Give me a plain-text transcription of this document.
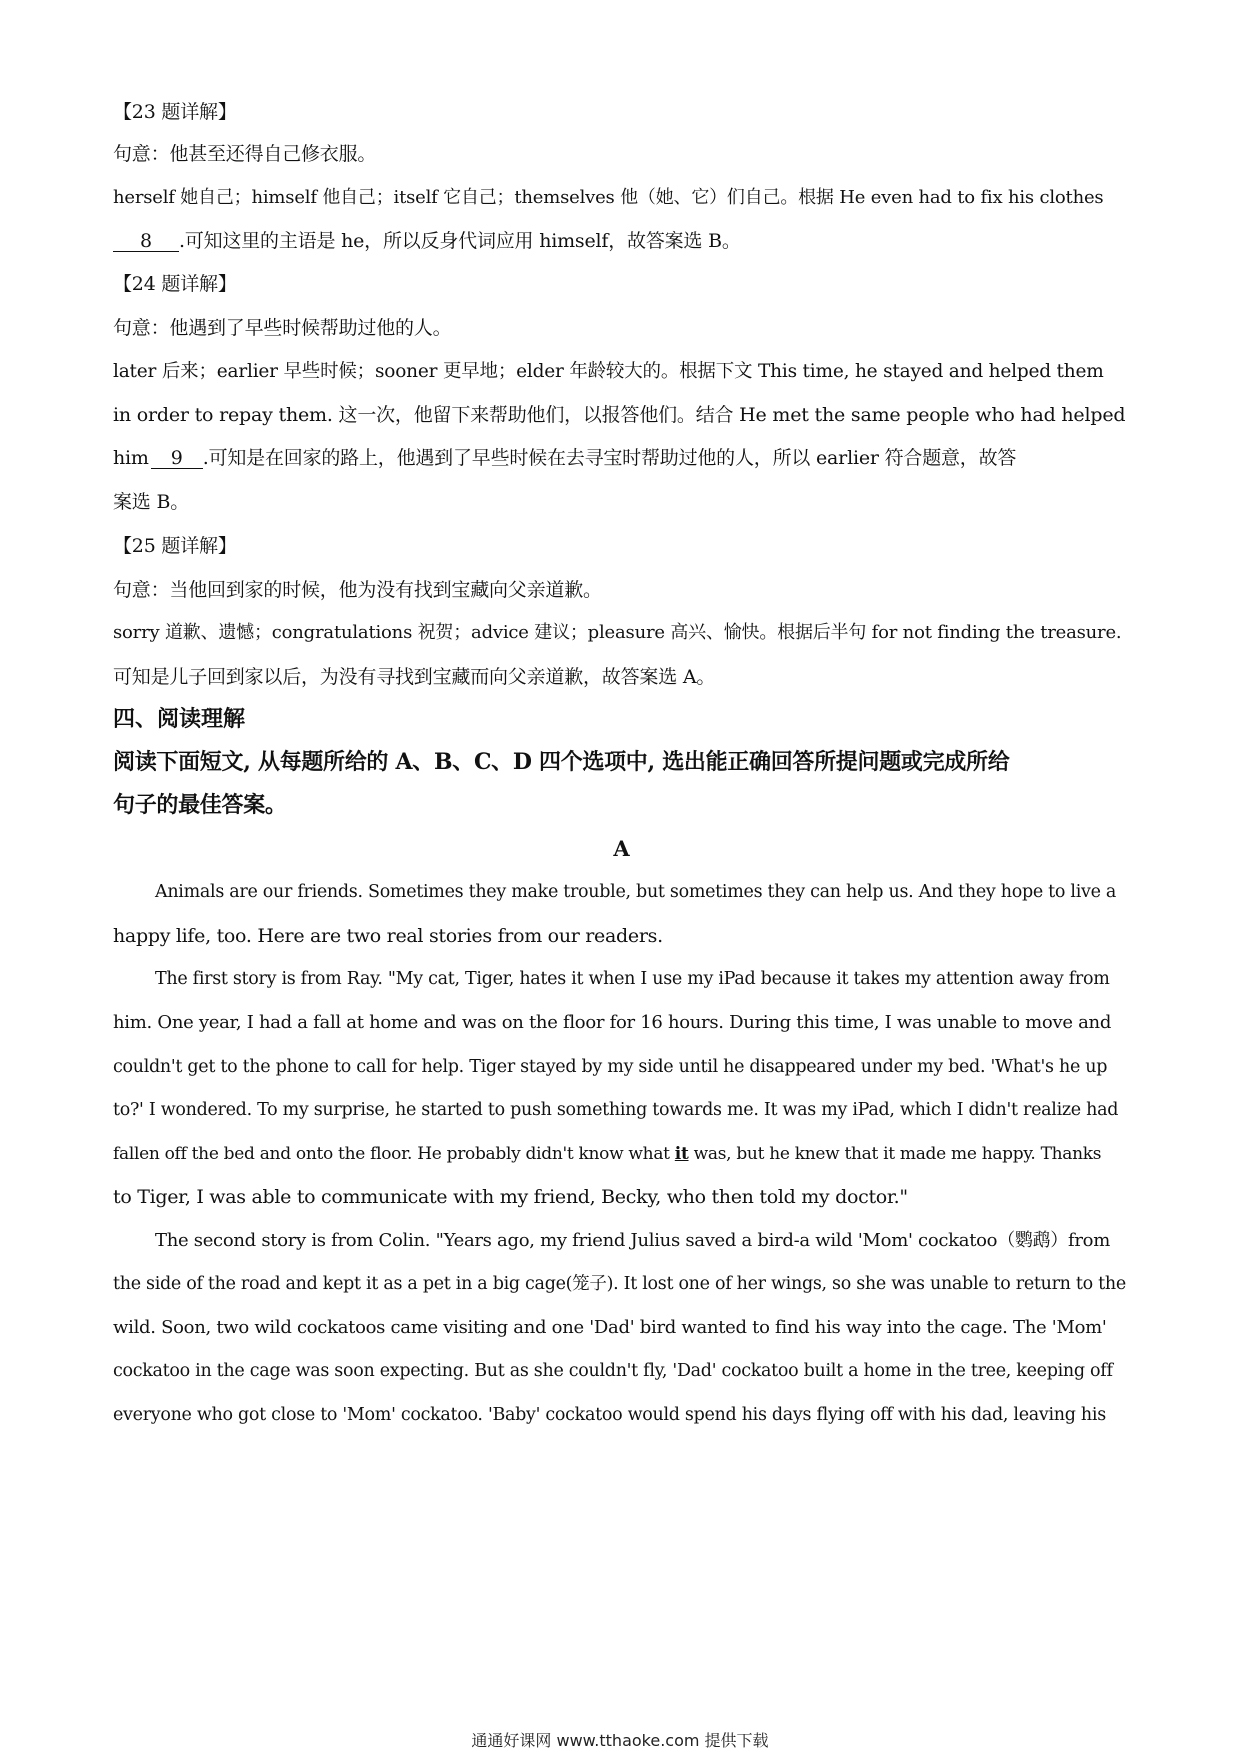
【23 题详解】
句意：他甚至还得自己修衣服。
herself 她自己；himself 他自己；itself 它自己；themselves 他（她、它）们自己。根据 He even had to fix his clothes
8 .可知这里的主语是 he，所以反身代词应用 himself，故答案选 B。
【24 题详解】
句意：他遇到了早些时候帮助过他的人。
later 后来；earlier 早些时候；sooner 更早地；elder 年龄较大的。根据下文 This time, he stayed and helped them
in order to repay them. 这一次，他留下来帮助他们，以报答他们。结合 He met the same people who had helped
him 9 .可知是在回家的路上，他遇到了早些时候在去寻宝时帮助过他的人，所以 earlier 符合题意，故答
案选 B。
【25 题详解】
句意：当他回到家的时候，他为没有找到宝藏向父亲道歉。
sorry 道歉、遗憾；congratulations 祝贺；advice 建议；pleasure 高兴、愉快。根据后半句 for not finding the treasure.
可知是儿子回到家以后，为没有寻找到宝藏而向父亲道歉，故答案选 A。
四、阅读理解
阅读下面短文, 从每题所给的 A、B、C、D 四个选项中, 选出能正确回答所提问题或完成所给
句子的最佳答案。
A
Animals are our friends. Sometimes they make trouble, but sometimes they can help us. And they hope to live a
happy life, too. Here are two real stories from our readers.
The first story is from Ray. "My cat, Tiger, hates it when I use my iPad because it takes my attention away from
him. One year, I had a fall at home and was on the floor for 16 hours. During this time, I was unable to move and
couldn't get to the phone to call for help. Tiger stayed by my side until he disappeared under my bed. 'What's he up
to?' I wondered. To my surprise, he started to push something towards me. It was my iPad, which I didn't realize had
fallen off the bed and onto the floor. He probably didn't know what it was, but he knew that it made me happy. Thanks
to Tiger, I was able to communicate with my friend, Becky, who then told my doctor."
The second story is from Colin. "Years ago, my friend Julius saved a bird-a wild 'Mom' cockatoo（鹦鹉）from
the side of the road and kept it as a pet in a big cage(笼子). It lost one of her wings, so she was unable to return to the
wild. Soon, two wild cockatoos came visiting and one 'Dad' bird wanted to find his way into the cage. The 'Mom'
cockatoo in the cage was soon expecting. But as she couldn't fly, 'Dad' cockatoo built a home in the tree, keeping off
everyone who got close to 'Mom' cockatoo. 'Baby' cockatoo would spend his days flying off with his dad, leaving his
通通好课网 www.tthaoke.com 提供下载
